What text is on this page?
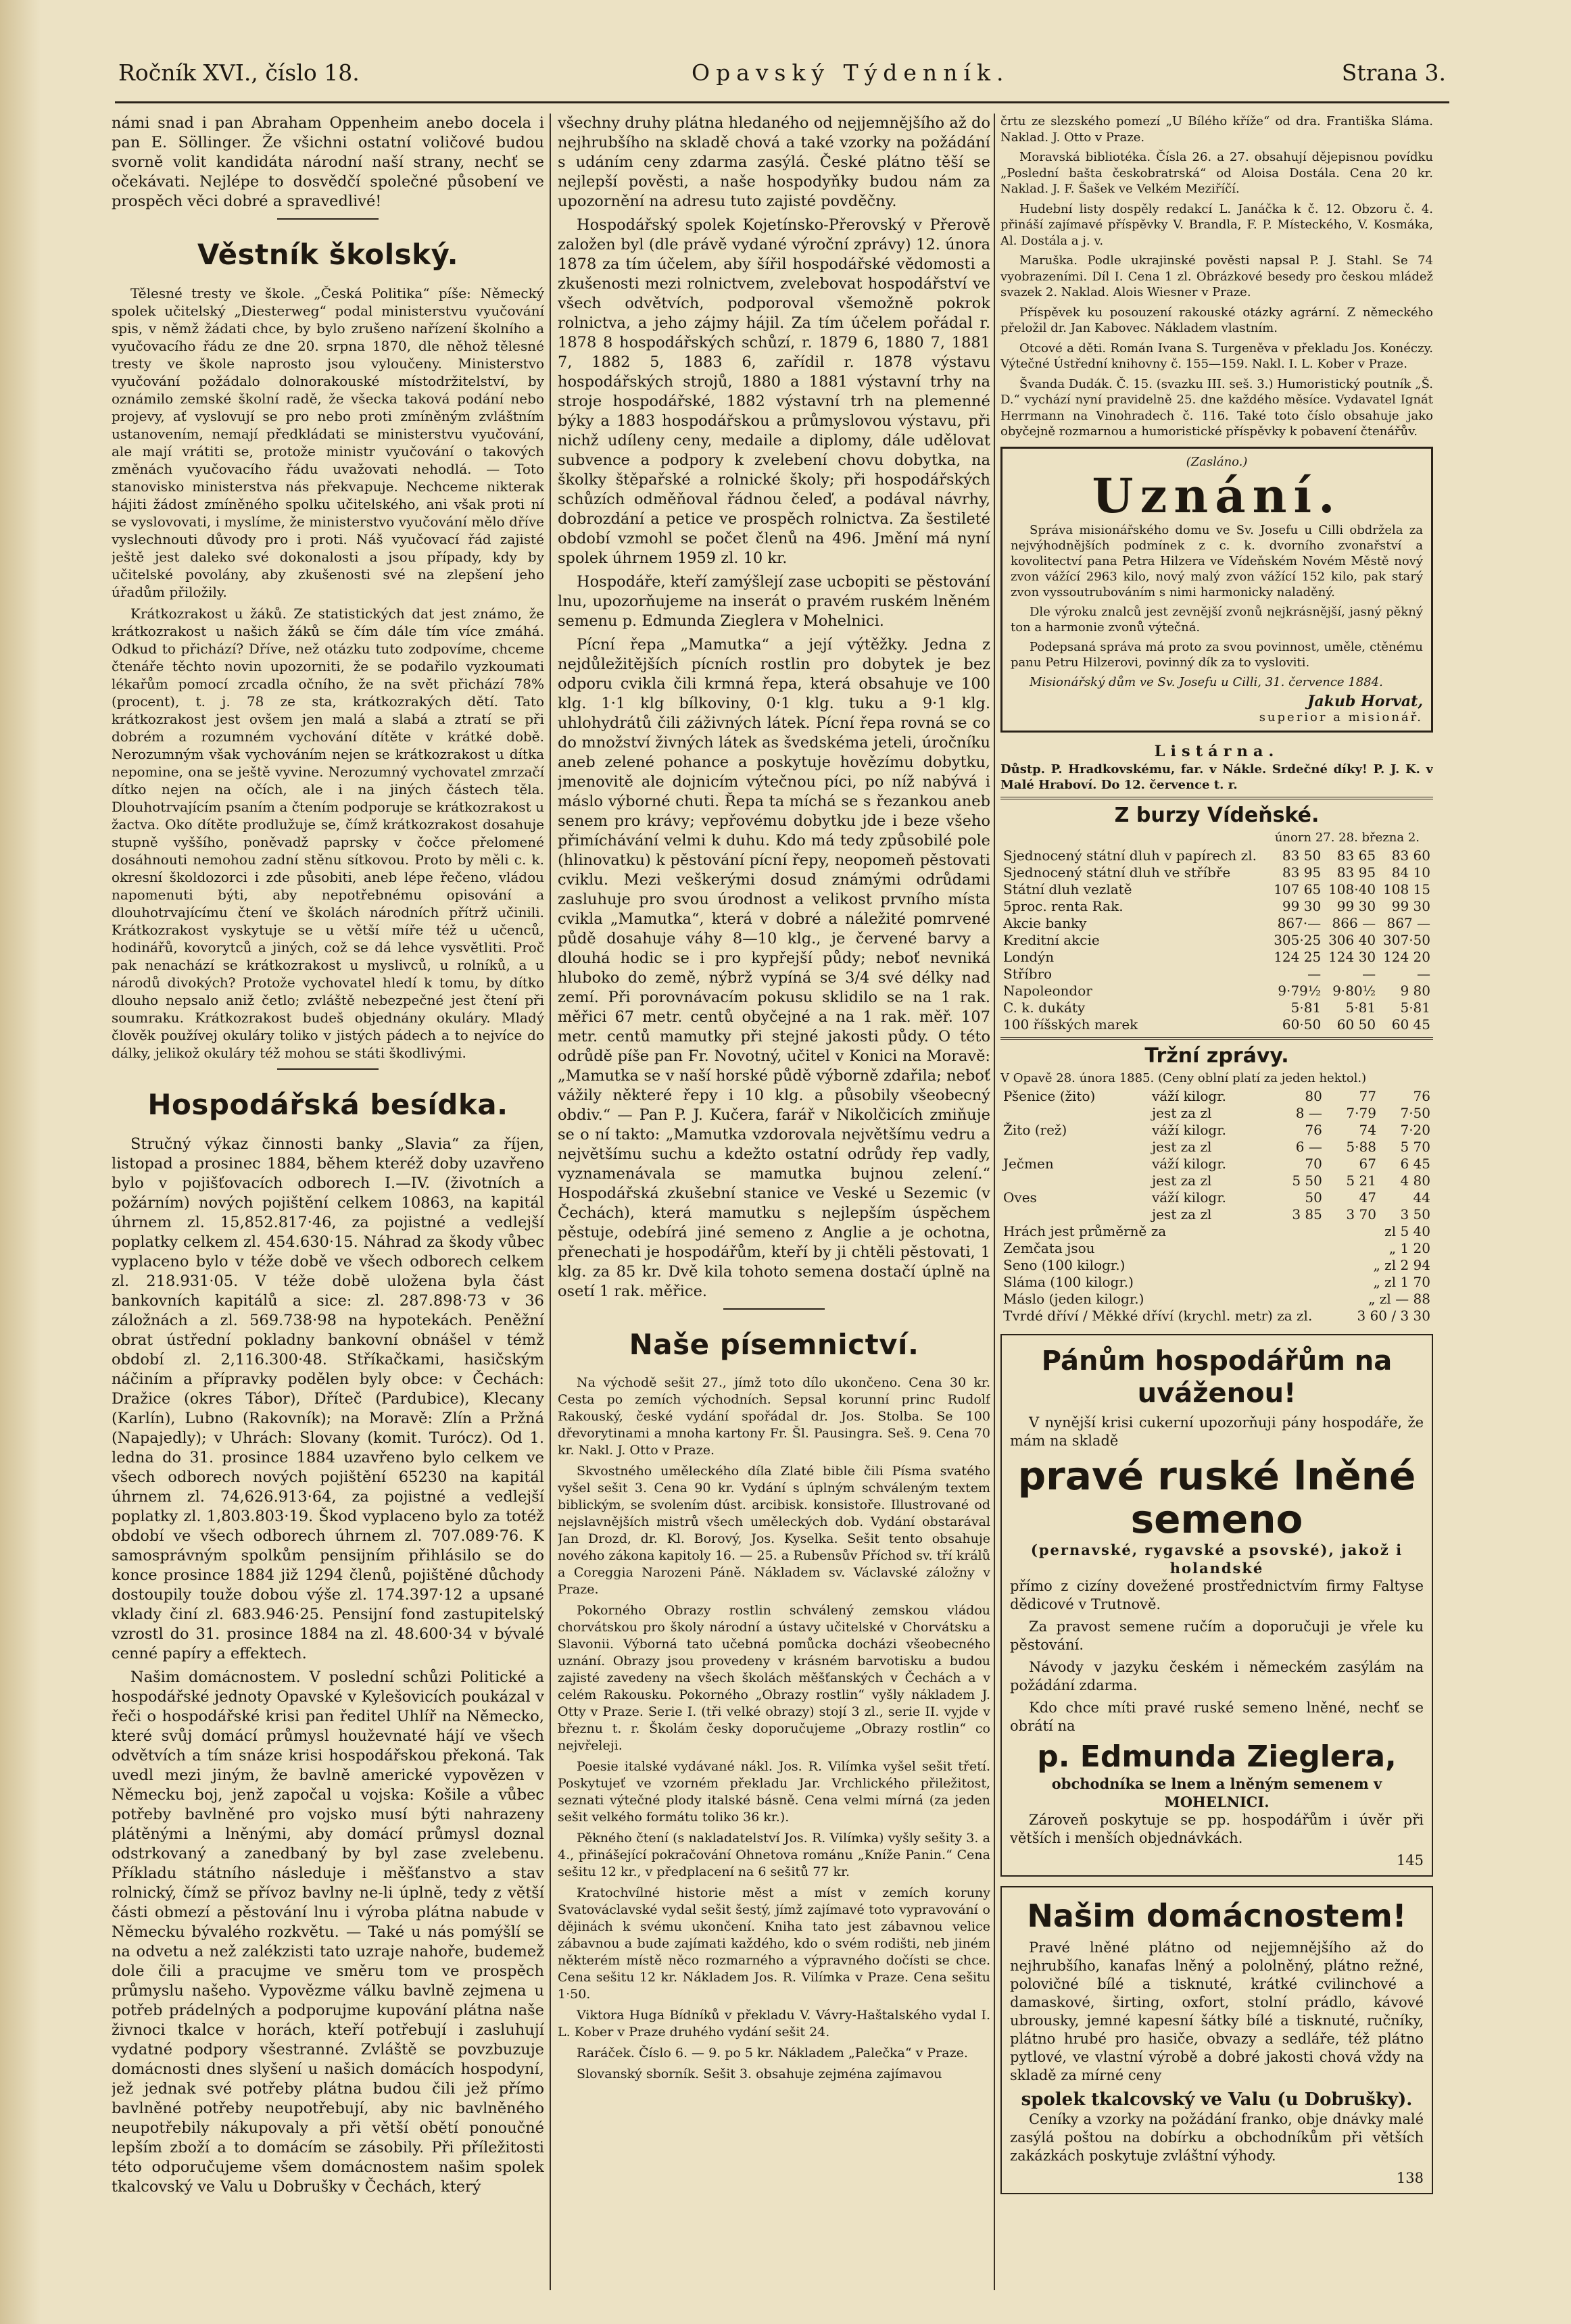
Ročník XVI., číslo 18.	Opavský Týdenník.	Strana 3.

námi snad i pan Abraham Oppenheim anebo docela i pan E. Söllinger. Že všichni ostatní voličové budou svorně volit kandidáta národní naší strany, nechť se očekávati. Nejlépe to dosvědčí společné působení ve prospěch věci dobré a spravedlivé!

Věstník školský.

Tělesné tresty ve škole. „Česká Politika“ píše: Německý spolek učitelský „Diesterweg“ podal ministerstvu vyučování spis, v němž žádati chce, by bylo zrušeno nařízení školního a vyučovacího řádu ze dne 20. srpna 1870, dle něhož tělesné tresty ve škole naprosto jsou vyloučeny. Ministerstvo vyučování požádalo dolnorakouské místodržitelství, by oznámilo zemské školní radě, že všecka taková podání nebo projevy, ať vyslovují se pro nebo proti zmíněným zvláštním ustanovením, nemají předkládati se ministerstvu vyučování, ale mají vrátiti se, protože ministr vyučování o takových změnách vyučovacího řádu uvažovati nehodlá. — Toto stanovisko ministerstva nás překvapuje. Nechceme nikterak hájiti žádost zmíněného spolku učitelského, ani však proti ní se vyslovovati, i myslíme, že ministerstvo vyučování mělo dříve vyslechnouti důvody pro i proti. Náš vyučovací řád zajisté ještě jest daleko své dokonalosti a jsou případy, kdy by učitelské povolány, aby zkušenosti své na zlepšení jeho úřadům přiložily.

Krátkozrakost u žáků. Ze statistických dat jest známo, že krátkozrakost u našich žáků se čím dále tím více zmáhá. Odkud to přichází? Dříve, než otázku tuto zodpovíme, chceme čtenáře těchto novin upozorniti, že se podařilo vyzkoumati lékařům pomocí zrcadla očního, že na svět přichází 78% (procent), t. j. 78 ze sta, krátkozrakých dětí. Tato krátkozrakost jest ovšem jen malá a slabá a ztratí se při dobrém a rozumném vychování dítěte v krátké době. Nerozumným však vychováním nejen se krátkozrakost u dítka nepomine, ona se ještě vyvine. Nerozumný vychovatel zmrzačí dítko nejen na očích, ale i na jiných částech těla. Dlouhotrvajícím psaním a čtením podporuje se krátkozrakost u žactva. Oko dítěte prodlužuje se, čímž krátkozrakost dosahuje stupně vyššího, poněvadž paprsky v čočce přelomené dosáhnouti nemohou zadní stěnu sítkovou. Proto by měli c. k. okresní školdozorci i zde působiti, aneb lépe řečeno, vládou napomenuti býti, aby nepotřebnému opisování a dlouhotrvajícímu čtení ve školách národních přítrž učinili. Krátkozrakost vyskytuje se u větší míře též u učenců, hodinářů, kovorytců a jiných, což se dá lehce vysvětliti. Proč pak nenachází se krátkozrakost u myslivců, u rolníků, a u národů divokých? Protože vychovatel hledí k tomu, by dítko dlouho nepsalo aniž četlo; zvláště nebezpečné jest čtení při soumraku. Krátkozrakost budeš objednány okuláry. Mladý člověk používej okuláry toliko v jistých pádech a to nejvíce do dálky, jelikož okuláry též mohou se státi škodlivými.

Hospodářská besídka.

Stručný výkaz činnosti banky „Slavia“ za říjen, listopad a prosinec 1884, během kteréž doby uzavřeno bylo v pojišťovacích odborech I.—IV. (životních a požárním) nových pojištění celkem 10863, na kapitál úhrnem zl. 15,852.817·46, za pojistné a vedlejší poplatky celkem zl. 454.630·15. Náhrad za škody vůbec vyplaceno bylo v téže době ve všech odborech celkem zl. 218.931·05. V téže době uložena byla část bankovních kapitálů a sice: zl. 287.898·73 v 36 záložnách a zl. 569.738·98 na hypotekách. Peněžní obrat ústřední pokladny bankovní obnášel v témž období zl. 2,116.300·48. Stříkačkami, hasičským náčiním a přípravky podělen byly obce: v Čechách: Dražice (okres Tábor), Dříteč (Pardubice), Klecany (Karlín), Lubno (Rakovník); na Moravě: Zlín a Pržná (Napajedly); v Uhrách: Slovany (komit. Turócz). Od 1. ledna do 31. prosince 1884 uzavřeno bylo celkem ve všech odborech nových pojištění 65230 na kapitál úhrnem zl. 74,626.913·64, za pojistné a vedlejší poplatky zl. 1,803.803·19. Škod vyplaceno bylo za totéž období ve všech odborech úhrnem zl. 707.089·76. K samosprávným spolkům pensijním přihlásilo se do konce prosince 1884 již 1294 členů, pojištěné důchody dostoupily touže dobou výše zl. 174.397·12 a upsané vklady činí zl. 683.946·25. Pensijní fond zastupitelský vzrostl do 31. prosince 1884 na zl. 48.600·34 v bývalé cenné papíry a effektech.

Našim domácnostem. V poslední schůzi Politické a hospodářské jednoty Opavské v Kylešovicích poukázal v řeči o hospodářské krisi pan ředitel Uhlíř na Německo, které svůj domácí průmysl houževnaté hájí ve všech odvětvích a tím snáze krisi hospodářskou překoná. Tak uvedl mezi jiným, že bavlně americké vypovězen v Německu boj, jenž započal u vojska: Košile a vůbec potřeby bavlněné pro vojsko musí býti nahrazeny plátěnými a lněnými, aby domácí průmysl doznal odstrkovaný a zanedbaný by byl zase zvelebenu. Příkladu státního následuje i měšťanstvo a stav rolnický, čímž se přívoz bavlny ne-li úplně, tedy z větší části obmezí a pěstování lnu i výroba plátna nabude v Německu bývalého rozkvětu. — Také u nás pomýšlí se na odvetu a než zalékzisti tato uzraje nahoře, budemež dole čili a pracujme ve směru tom ve prospěch průmyslu našeho. Vypovězme válku bavlně zejmena u potřeb prádelných a podporujme kupování plátna naše živnoci tkalce v horách, kteří potřebují i zasluhují vydatné podpory všestranné. Zvláště se povzbuzuje domácnosti dnes slyšení u našich domácích hospodyní, jež jednak své potřeby plátna budou čili jež přímo bavlněné potřeby neupotřebují, aby nic bavlněného neupotřebily nákupovaly a při větší obětí ponoučné lepším zboží a to domácím se zásobily. Při příležitosti této odporučujeme všem domácnostem našim spolek tkalcovský ve Valu u Dobrušky v Čechách, který

všechny druhy plátna hledaného od nejjemnějšího až do nejhrubšího na skladě chová a také vzorky na požádání s udáním ceny zdarma zasýlá. České plátno těší se nejlepší pověsti, a naše hospodyňky budou nám za upozornění na adresu tuto zajisté povděčny.

Hospodářský spolek Kojetínsko-Přerovský v Přerově založen byl (dle právě vydané výroční zprávy) 12. února 1878 za tím účelem, aby šířil hospodářské vědomosti a zkušenosti mezi rolnictvem, zvelebovat hospodářství ve všech odvětvích, podporoval všemožně pokrok rolnictva, a jeho zájmy hájil. Za tím účelem pořádal r. 1878 8 hospodářských schůzí, r. 1879 6, 1880 7, 1881 7, 1882 5, 1883 6, zařídil r. 1878 výstavu hospodářských strojů, 1880 a 1881 výstavní trhy na stroje hospodářské, 1882 výstavní trh na plemenné býky a 1883 hospodářskou a průmyslovou výstavu, při nichž udíleny ceny, medaile a diplomy, dále udělovat subvence a podpory k zvelebení chovu dobytka, na školky štěpařské a rolnické školy; při hospodářských schůzích odměňoval řádnou čeleď, a podával návrhy, dobrozdání a petice ve prospěch rolnictva. Za šestileté období vzmohl se počet členů na 496. Jmění má nyní spolek úhrnem 1959 zl. 10 kr.

Hospodáře, kteří zamýšlejí zase ucbopiti se pěstování lnu, upozorňujeme na inserát o pravém ruském lněném semenu p. Edmunda Zieglera v Mohelnici.

Pícní řepa „Mamutka“ a její výtěžky. Jedna z nejdůležitějších pícních rostlin pro dobytek je bez odporu cvikla čili krmná řepa, která obsahuje ve 100 klg. 1·1 klg bílkoviny, 0·1 klg. tuku a 9·1 klg. uhlohydrátů čili záživných látek. Pícní řepa rovná se co do množství živných látek as švedskéma jeteli, úročníku aneb zelené pohance a poskytuje hovězímu dobytku, jmenovitě ale dojnicím výtečnou píci, po níž nabývá i máslo výborné chuti. Řepa ta míchá se s řezankou aneb senem pro krávy; vepřovému dobytku jde i beze všeho přimíchávání velmi k duhu. Kdo má tedy způsobilé pole (hlinovatku) k pěstování pícní řepy, neopomeň pěstovati cviklu. Mezi veškerými dosud známými odrůdami zasluhuje pro svou úrodnost a velikost prvního místa cvikla „Mamutka“, která v dobré a náležité pomrvené půdě dosahuje váhy 8—10 klg., je červené barvy a dlouhá hodic se i pro kypřejší půdy; neboť nevniká hluboko do země, nýbrž vypíná se 3/4 své délky nad zemí. Při porovnávacím pokusu sklidilo se na 1 rak. měřici 67 metr. centů obyčejné a na 1 rak. měř. 107 metr. centů mamutky při stejné jakosti půdy. O této odrůdě píše pan Fr. Novotný, učitel v Konici na Moravě: „Mamutka se v naší horské půdě výborně zdařila; neboť vážily některé řepy i 10 klg. a působily všeobecný obdiv.“ — Pan P. J. Kučera, farář v Nikolčicích zmiňuje se o ní takto: „Mamutka vzdorovala největšímu vedru a největšímu suchu a kdežto ostatní odrůdy řep vadly, vyznamenávala se mamutka bujnou zelení.“ Hospodářská zkušební stanice ve Veské u Sezemic (v Čechách), která mamutku s nejlepším úspěchem pěstuje, odebírá jiné semeno z Anglie a je ochotna, přenechati je hospodářům, kteří by ji chtěli pěstovati, 1 klg. za 85 kr. Dvě kila tohoto semena dostačí úplně na osetí 1 rak. měřice.

Naše písemnictví.

Na východě sešit 27., jímž toto dílo ukončeno. Cena 30 kr. Cesta po zemích východních. Sepsal korunní princ Rudolf Rakouský, české vydání spořádal dr. Jos. Stolba. Se 100 dřevorytinami a mnoha kartony Fr. Šl. Pausingra. Seš. 9. Cena 70 kr. Nakl. J. Otto v Praze.

Skvostného uměleckého díla Zlaté bible čili Písma svatého vyšel sešit 3. Cena 90 kr. Vydání s úplným schváleným textem biblickým, se svolením dúst. arcibisk. konsistoře. Illustrované od nejslavnějších mistrů všech uměleckých dob. Vydání obstarával Jan Drozd, dr. Kl. Borový, Jos. Kyselka. Sešit tento obsahuje nového zákona kapitoly 16. — 25. a Rubensův Příchod sv. tří králů a Coreggia Narozeni Páně. Nákladem sv. Václavské záložny v Praze.

Pokorného Obrazy rostlin schválený zemskou vládou chorvátskou pro školy národní a ústavy učitelské v Chorvátsku a Slavonii. Výborná tato učebná pomůcka docházi všeobecného uznání. Obrazy jsou provedeny v krásném barvotisku a budou zajisté zavedeny na všech školách měšťanských v Čechách a v celém Rakousku. Pokorného „Obrazy rostlin“ vyšly nákladem J. Otty v Praze. Serie I. (tři velké obrazy) stojí 3 zl., serie II. vyjde v březnu t. r. Školám česky doporučujeme „Obrazy rostlin“ co nejvřeleji.

Poesie italské vydávané nákl. Jos. R. Vilímka vyšel sešit třetí. Poskytujeť ve vzorném překladu Jar. Vrchlického přiležitost, seznati výtečné plody italské básně. Cena velmi mírná (za jeden sešit velkého formátu toliko 36 kr.).

Pěkného čtení (s nakladatelství Jos. R. Vilímka) vyšly sešity 3. a 4., přinášející pokračování Ohnetova románu „Kníže Panin.“ Cena sešitu 12 kr., v předplacení na 6 sešitů 77 kr.

Kratochvílné historie měst a míst v zemích koruny Svatováclavské vydal sešit šestý, jímž zajímavé toto vypravování o dějinách k svému ukončení. Kniha tato jest zábavnou velice zábavnou a bude zajímati každého, kdo o svém rodišti, neb jiném některém místě něco rozmarného a výpravného dočísti se chce. Cena sešitu 12 kr. Nákladem Jos. R. Vilímka v Praze. Cena sešitu 1·50.

Viktora Huga Bídníků v překladu V. Vávry-Haštalského vydal I. L. Kober v Praze druhého vydání sešit 24.

Raráček. Číslo 6. — 9. po 5 kr. Nákladem „Palečka“ v Praze.

Slovanský sborník. Sešit 3. obsahuje zejména zajímavou

črtu ze slezského pomezí „U Bílého kříže“ od dra. Františka Sláma. Naklad. J. Otto v Praze.

Moravská bibliotéka. Čísla 26. a 27. obsahují dějepisnou povídku „Poslední bašta českobratrská“ od Aloisa Dostála. Cena 20 kr. Naklad. J. F. Šašek ve Velkém Meziříčí.

Hudební listy dospěly redakcí L. Janáčka k č. 12. Obzoru č. 4. přináší zajímavé příspěvky V. Brandla, F. P. Místeckého, V. Kosmáka, Al. Dostála a j. v.

Maruška. Podle ukrajinské pověsti napsal P. J. Stahl. Se 74 vyobrazeními. Díl I. Cena 1 zl. Obrázkové besedy pro českou mládež svazek 2. Naklad. Alois Wiesner v Praze.

Příspěvek ku posouzení rakouské otázky agrární. Z německého přeložil dr. Jan Kabovec. Nákladem vlastním.

Otcové a děti. Román Ivana S. Turgeněva v překladu Jos. Konéczy. Výtečné Ústřední knihovny č. 155—159. Nakl. I. L. Kober v Praze.

Švanda Dudák. Č. 15. (svazku III. seš. 3.) Humoristický poutník „Š. D.“ vychází nyní pravidelně 25. dne každého měsíce. Vydavatel Ignát Herrmann na Vinohradech č. 116. Také toto číslo obsahuje jako obyčejně rozmarnou a humoristické příspěvky k pobavení čtenářův.

(Zasláno.)
Uznání.

Správa misionářského domu ve Sv. Josefu u Cilli obdržela za nejvýhodnějších podmínek z c. k. dvorního zvonařství a kovolitectví pana Petra Hilzera ve Vídeňském Novém Městě nový zvon vážící 2963 kilo, nový malý zvon vážící 152 kilo, pak starý zvon vyssoutrubováním s nimi harmonicky naladěný.

Dle výroku znalců jest zevnější zvonů nejkrásnější, jasný pěkný ton a harmonie zvonů výtečná.

Podepsaná správa má proto za svou povinnost, uměle, ctěnému panu Petru Hilzerovi, povinný dík za to vysloviti.

Misionářský dům ve Sv. Josefu u Cilli, 31. července 1884.

Jakub Horvat,
superior a misionář.
Listárna.

Důstp. P. Hradkovskému, far. v Nákle. Srdečné díky! P. J. K. v Malé Hraboví. Do 12. července t. r.

Z burzy Vídeňské.
únorn 27. 28. března 2.
Sjednocený státní dluh v papírech zl.	83 50	83 65	83 60
Sjednocený státní dluh ve stříbře	83 95	83 95	84 10
Státní dluh vezlatě	107 65	108·40	108 15
5proc. renta Rak.	99 30	99 30	99 30
Akcie banky	867·—	866 —	867 —
Kreditní akcie	305·25	306 40	307·50
Londýn	124 25	124 30	124 20
Stříbro	—	—	—
Napoleondor	9·79½	9·80½	9 80
C. k. dukáty	5·81	5·81	5·81
100 říšských marek	60·50	60 50	60 45
Tržní zprávy.
V Opavě 28. února 1885. (Ceny oblní platí za jeden hektol.)
Pšenice (žito)	váží kilogr.	80	77	76
	jest za zl	8 —	7·79	7·50
Žito (rež)	váží kilogr.	76	74	7·20
	jest za zl	6 —	5·88	5 70
Ječmen	váží kilogr.	70	67	6 45
	jest za zl	5 50	5 21	4 80
Oves	váží kilogr.	50	47	44
	jest za zl	3 85	3 70	3 50
Hrách jest průměrně za	zl 5 40
Zemčata jsou	„ 1 20
Seno (100 kilogr.)	„ zl 2 94
Sláma (100 kilogr.)	„ zl 1 70
Máslo (jeden kilogr.)	„ zl — 88
Tvrdé dříví / Měkké dříví (krychl. metr) za zl.	3 60 / 3 30
Pánům hospodářům na uváženou!

V nynější krisi cukerní upozorňuji pány hospodáře, že mám na skladě

pravé ruské lněné semeno
(pernavské, rygavské a psovské), jakož i holandské

přímo z cizíny dovežené prostřednictvím firmy Faltyse dědicové v Trutnově.

Za pravost semene ručím a doporučuji je vřele ku pěstování.

Návody v jazyku českém i německém zasýlám na požádání zdarma.

Kdo chce míti pravé ruské semeno lněné, nechť se obrátí na

p. Edmunda Zieglera,
obchodníka se lnem a lněným semenem v MOHELNICI.

Zároveň poskytuje se pp. hospodářům i úvěr při větších i menších objednávkách.

145
Našim domácnostem!

Pravé lněné plátno od nejjemnějšího až do nejhrubšího, kanafas lněný a pololněný, plátno režné, polovičné bílé a tisknuté, krátké cvilinchové a damaskové, širting, oxfort, stolní prádlo, kávové ubrousky, jemné kapesní šátky bílé a tisknuté, ručníky, plátno hrubé pro hasiče, obvazy a sedláře, též plátno pytlové, ve vlastní výrobě a dobré jakosti chová vždy na skladě za mírné ceny

spolek tkalcovský ve Valu (u Dobrušky).

Ceníky a vzorky na požádání franko, obje dnávky malé zasýlá poštou na dobírku a obchodníkům při větších zakázkách poskytuje zvláštní výhody.

138
